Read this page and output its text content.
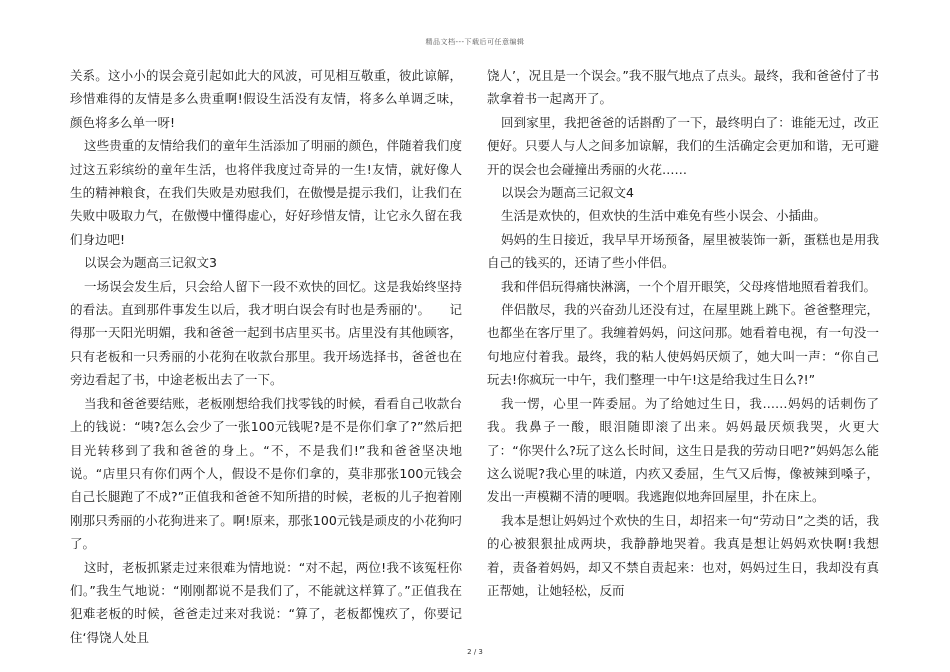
精品文档---下载后可任意编辑

关系。这小小的误会竟引起如此大的风波，可见相互敬重，彼此谅解，珍惜难得的友情是多么贵重啊!假设生活没有友情，将多么单调乏味，颜色将多么单一呀!

这些贵重的友情给我们的童年生活添加了明丽的颜色，伴随着我们度过这五彩缤纷的童年生活，也将伴我度过奇异的一生!友情，就好像人生的精神粮食，在我们失败是劝慰我们，在傲慢是提示我们，让我们在失败中吸取力气，在傲慢中懂得虚心，好好珍惜友情，让它永久留在我们身边吧!

以误会为题高三记叙文3

一场误会发生后，只会给人留下一段不欢快的回忆。这是我始终坚持的看法。直到那件事发生以后，我才明白误会有时也是秀丽的'。　　记得那一天阳光明媚，我和爸爸一起到书店里买书。店里没有其他顾客，只有老板和一只秀丽的小花狗在收款台那里。我开场选择书，爸爸也在旁边看起了书，中途老板出去了一下。

当我和爸爸要结账，老板刚想给我们找零钱的时候，看看自己收款台上的钱说：“咦?怎么会少了一张100元钱呢?是不是你们拿了?”然后把目光转移到了我和爸爸的身上。“不，不是我们!”我和爸爸坚决地说。“店里只有你们两个人，假设不是你们拿的，莫非那张100元钱会自己长腿跑了不成?”正值我和爸爸不知所措的时候，老板的儿子抱着刚刚那只秀丽的小花狗进来了。啊!原来，那张100元钱是顽皮的小花狗叼了。

这时，老板抓紧走过来很难为情地说：“对不起，两位!我不该冤枉你们。”我生气地说：“刚刚都说不是我们了，不能就这样算了。”正值我在犯难老板的时候，爸爸走过来对我说：“算了，老板都愧疚了，你要记住‘得饶人处且

饶人’，况且是一个误会。”我不服气地点了点头。最终，我和爸爸付了书款拿着书一起离开了。

回到家里，我把爸爸的话斟酌了一下，最终明白了：谁能无过，改正便好。只要人与人之间多加谅解，我们的生活确定会更加和谐，无可避开的误会也会碰撞出秀丽的火花……

以误会为题高三记叙文4

生活是欢快的，但欢快的生活中难免有些小误会、小插曲。

妈妈的生日接近，我早早开场预备，屋里被装饰一新，蛋糕也是用我自己的钱买的，还请了些小伴侣。

我和伴侣玩得痛快淋漓，一个个眉开眼笑，父母疼惜地照看着我们。

伴侣散尽，我的兴奋劲儿还没有过，在屋里跳上跳下。爸爸整理完，也都坐在客厅里了。我缠着妈妈，问这问那。她看着电视，有一句没一句地应付着我。最终，我的粘人使妈妈厌烦了，她大叫一声：“你自己玩去!你疯玩一中午，我们整理一中午!这是给我过生日么?!”

我一愣，心里一阵委屈。为了给她过生日，我……妈妈的话刺伤了我。我鼻子一酸，眼泪随即滚了出来。妈妈最厌烦我哭，火更大了：“你哭什么?玩了这么长时间，这生日是我的劳动日吧?”妈妈怎么能这么说呢?我心里的味道，内疚又委屈，生气又后悔，像被辣到嗓子，发出一声模糊不清的哽咽。我逃跑似地奔回屋里，扑在床上。

我本是想让妈妈过个欢快的生日，却招来一句“劳动日”之类的话，我的心被狠狠扯成两块，我静静地哭着。我真是想让妈妈欢快啊!我想着，责备着妈妈，却又不禁自责起来：也对，妈妈过生日，我却没有真正帮她，让她轻松，反而

2 / 3
